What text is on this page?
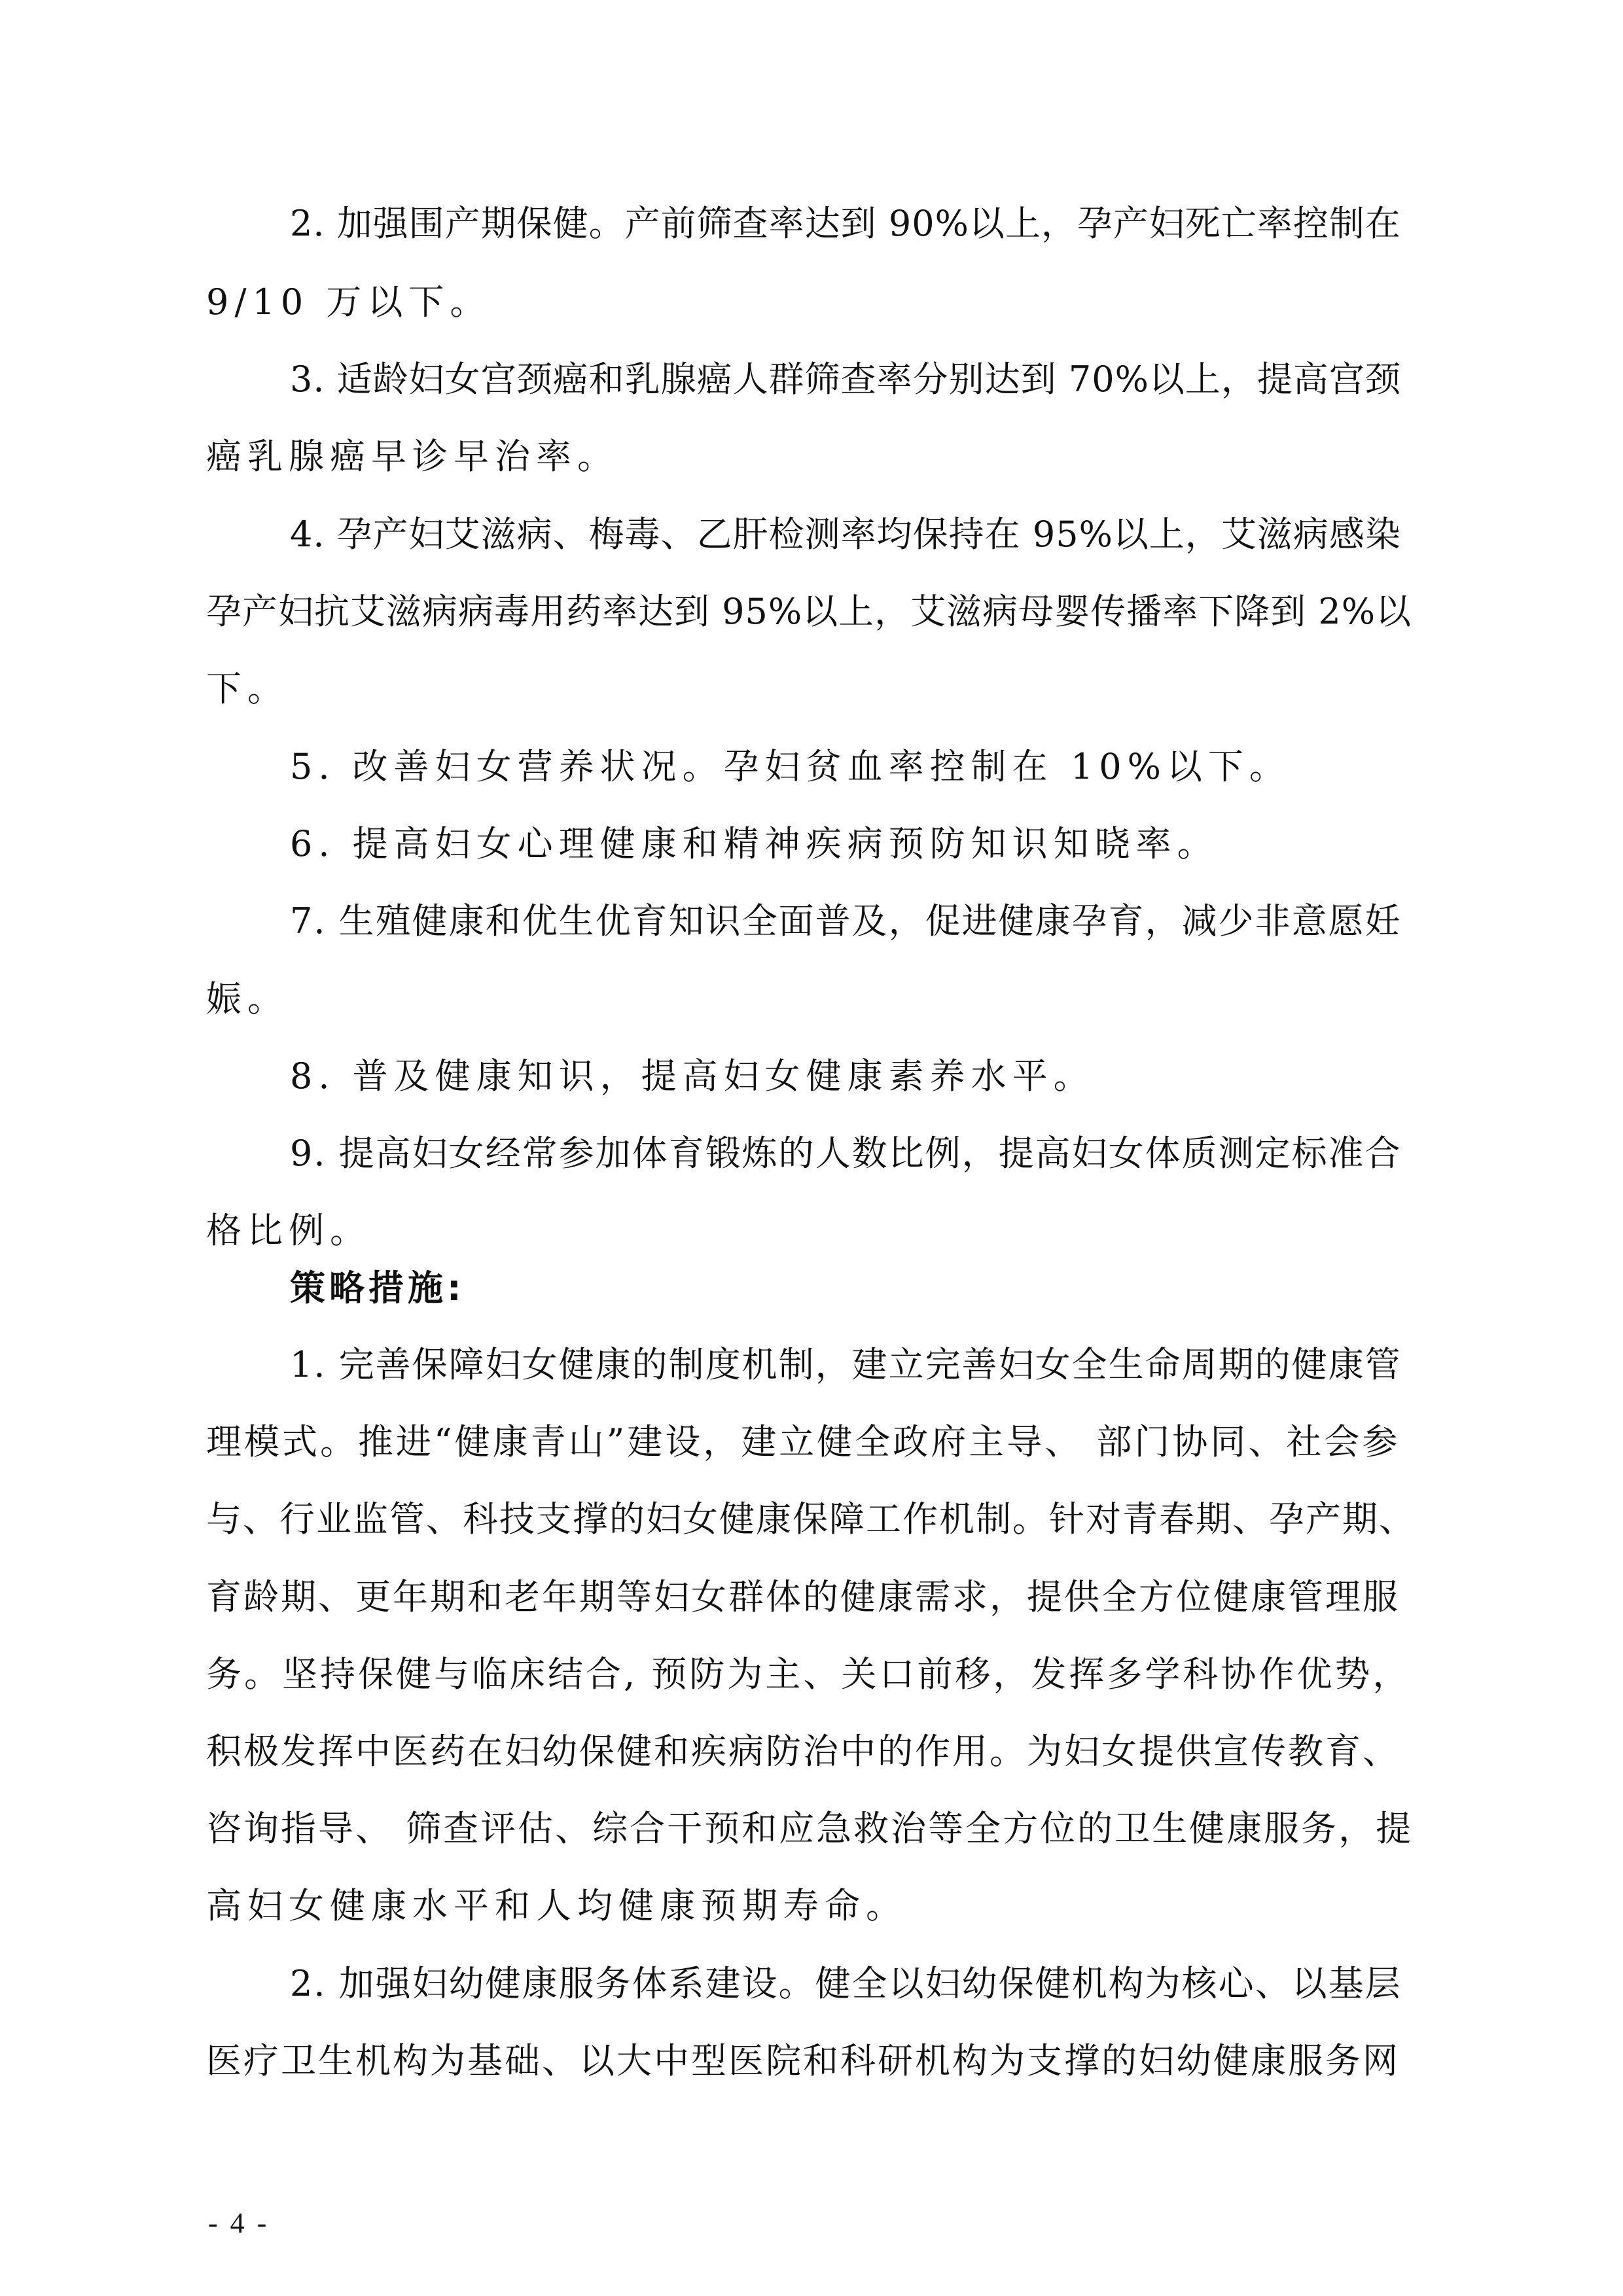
2. 加强围产期保健。产前筛查率达到 90%以上，孕产妇死亡率控制在
9/10 万以下。
3. 适龄妇女宫颈癌和乳腺癌人群筛查率分别达到 70%以上，提高宫颈
癌乳腺癌早诊早治率。
4. 孕产妇艾滋病、梅毒、乙肝检测率均保持在 95%以上，艾滋病感染
孕产妇抗艾滋病病毒用药率达到 95%以上，艾滋病母婴传播率下降到 2%以
下。
5. 改善妇女营养状况。孕妇贫血率控制在 10%以下。
6. 提高妇女心理健康和精神疾病预防知识知晓率。
7. 生殖健康和优生优育知识全面普及，促进健康孕育，减少非意愿妊
娠。
8. 普及健康知识，提高妇女健康素养水平。
9. 提高妇女经常参加体育锻炼的人数比例，提高妇女体质测定标准合
格比例。
策略措施:
1. 完善保障妇女健康的制度机制，建立完善妇女全生命周期的健康管
理模式。推进“健康青山”建设，建立健全政府主导、 部门协同、社会参
与、行业监管、科技支撑的妇女健康保障工作机制。针对青春期、孕产期、
育龄期、更年期和老年期等妇女群体的健康需求，提供全方位健康管理服
务。坚持保健与临床结合, 预防为主、关口前移，发挥多学科协作优势，
积极发挥中医药在妇幼保健和疾病防治中的作用。为妇女提供宣传教育、
咨询指导、 筛查评估、综合干预和应急救治等全方位的卫生健康服务，提
高妇女健康水平和人均健康预期寿命。
2. 加强妇幼健康服务体系建设。健全以妇幼保健机构为核心、以基层
医疗卫生机构为基础、以大中型医院和科研机构为支撑的妇幼健康服务网
- 4 -
